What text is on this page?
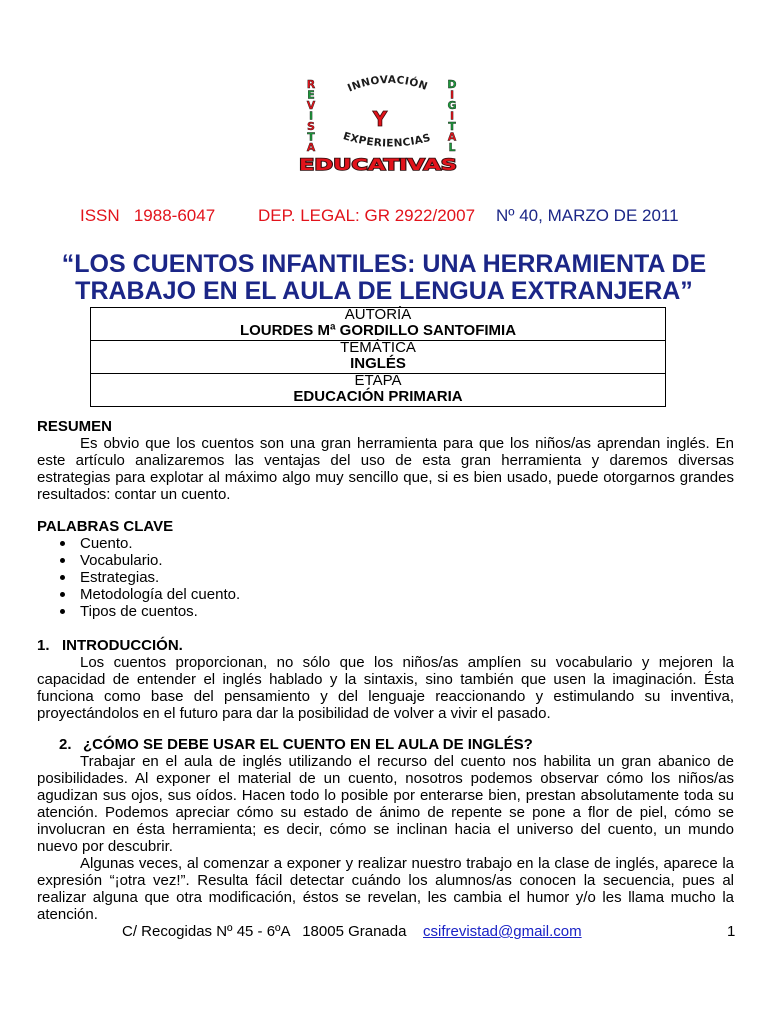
R
E
V
I
S
T
A
D
I
G
I
T
A
L
INNOVACIÓN
Y
EXPERIENCIAS
EDUCATIVAS
ISSN   1988-6047	DEP. LEGAL: GR 2922/2007 Nº 40, MARZO DE 2011
“LOS CUENTOS INFANTILES: UNA HERRAMIENTA DE
TRABAJO EN EL AULA DE LENGUA EXTRANJERA”
AUTORÍA
LOURDES Mª GORDILLO SANTOFIMIA
TEMÁTICA
INGLÉS
ETAPA
EDUCACIÓN PRIMARIA
RESUMEN
Es obvio que los cuentos son una gran herramienta para que los niños/as aprendan inglés. En
este artículo analizaremos las ventajas del uso de esta gran herramienta y daremos diversas
estrategias para explotar al máximo algo muy sencillo que, si es bien usado, puede otorgarnos grandes
resultados: contar un cuento.
PALABRAS CLAVE
Cuento.
Vocabulario.
Estrategias.
Metodología del cuento.
Tipos de cuentos.
1. INTRODUCCIÓN.
Los cuentos proporcionan, no sólo que los niños/as amplíen su vocabulario y mejoren la
capacidad de entender el inglés hablado y la sintaxis, sino también que usen la imaginación. Ésta
funciona como base del pensamiento y del lenguaje reaccionando y estimulando su inventiva,
proyectándolos en el futuro para dar la posibilidad de volver a vivir el pasado.
2. ¿CÓMO SE DEBE USAR EL CUENTO EN EL AULA DE INGLÉS?
Trabajar en el aula de inglés utilizando el recurso del cuento nos habilita un gran abanico de
posibilidades. Al exponer el material de un cuento, nosotros podemos observar cómo los niños/as
agudizan sus ojos, sus oídos. Hacen todo lo posible por enterarse bien, prestan absolutamente toda su
atención. Podemos apreciar cómo su estado de ánimo de repente se pone a flor de piel, cómo se
involucran en ésta herramienta; es decir, cómo se inclinan hacia el universo del cuento, un mundo
nuevo por descubrir.
Algunas veces, al comenzar a exponer y realizar nuestro trabajo en la clase de inglés, aparece la
expresión “¡otra vez!”. Resulta fácil detectar cuándo los alumnos/as conocen la secuencia, pues al
realizar alguna que otra modificación, éstos se revelan, les cambia el humor y/o les llama mucho la
atención.
C/ Recogidas Nº 45 - 6ºA   18005 Granada csifrevistad@gmail.com	1
